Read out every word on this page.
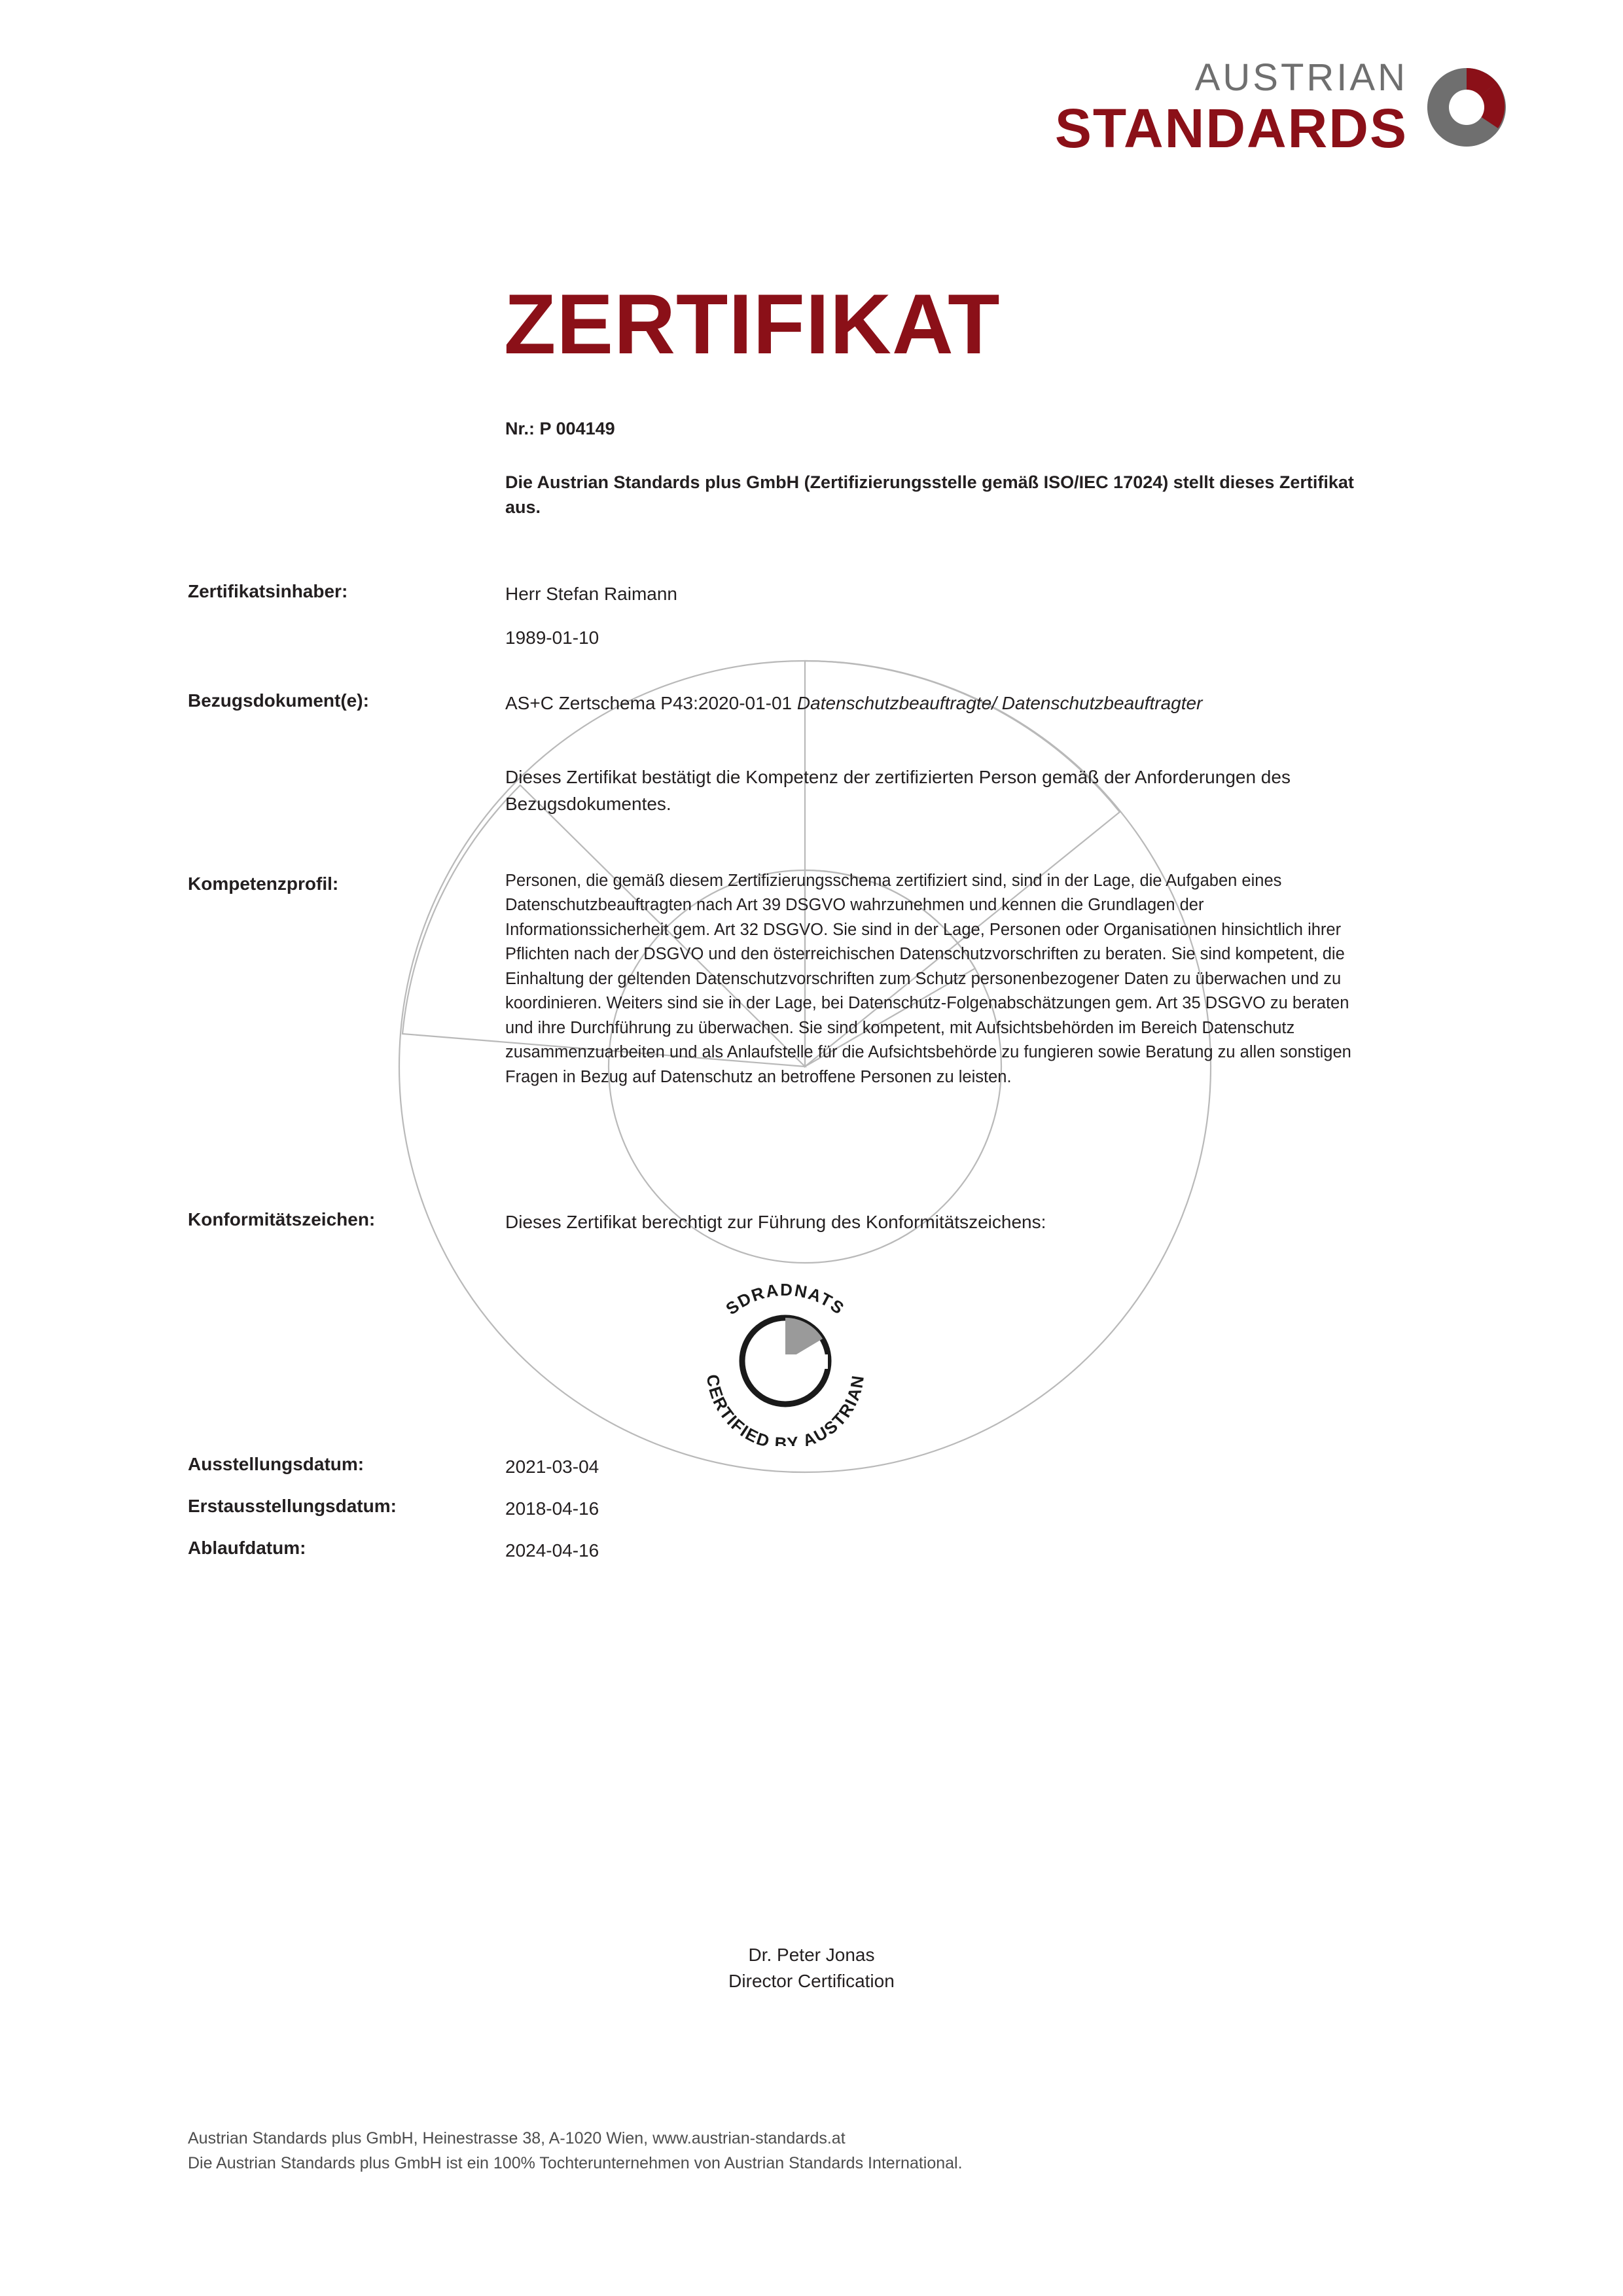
AUSTRIAN
STANDARDS
ZERTIFIKAT
Nr.: P 004149
Die Austrian Standards plus GmbH (Zertifizierungsstelle gemäß ISO/IEC 17024) stellt dieses Zertifikat aus.
Zertifikatsinhaber:	Herr Stefan Raimann
1989-01-10
Bezugsdokument(e):	AS+C Zertschema P43:2020-01-01 Datenschutzbeauftragte/ Datenschutzbeauftragter
Dieses Zertifikat bestätigt die Kompetenz der zertifizierten Person gemäß der Anforderungen des Bezugsdokumentes.
Kompetenzprofil:	Personen, die gemäß diesem Zertifizierungsschema zertifiziert sind, sind in der Lage, die Aufgaben eines Datenschutzbeauftragten nach Art 39 DSGVO wahrzunehmen und kennen die Grundlagen der Informationssicherheit gem. Art 32 DSGVO. Sie sind in der Lage, Personen oder Organisationen hinsichtlich ihrer Pflichten nach der DSGVO und den österreichischen Datenschutzvorschriften zu beraten. Sie sind kompetent, die Einhaltung der geltenden Datenschutzvorschriften zum Schutz personenbezogener Daten zu überwachen und zu koordinieren. Weiters sind sie in der Lage, bei Datenschutz-Folgenabschätzungen gem. Art 35 DSGVO zu beraten und ihre Durchführung zu überwachen. Sie sind kompetent, mit Aufsichtsbehörden im Bereich Datenschutz zusammenzuarbeiten und als Anlaufstelle für die Aufsichtsbehörde zu fungieren sowie Beratung zu allen sonstigen Fragen in Bezug auf Datenschutz an betroffene Personen zu leisten.
Konformitätszeichen:	Dieses Zertifikat berechtigt zur Führung des Konformitätszeichens:
Ausstellungsdatum:	2021-03-04
Erstausstellungsdatum:	2018-04-16
Ablaufdatum:	2024-04-16
SDRADNATS
CERTIFIED BY AUSTRIAN
Dr. Peter Jonas
Director Certification
Austrian Standards plus GmbH, Heinestrasse 38, A-1020 Wien, www.austrian-standards.at
Die Austrian Standards plus GmbH ist ein 100% Tochterunternehmen von Austrian Standards International.
